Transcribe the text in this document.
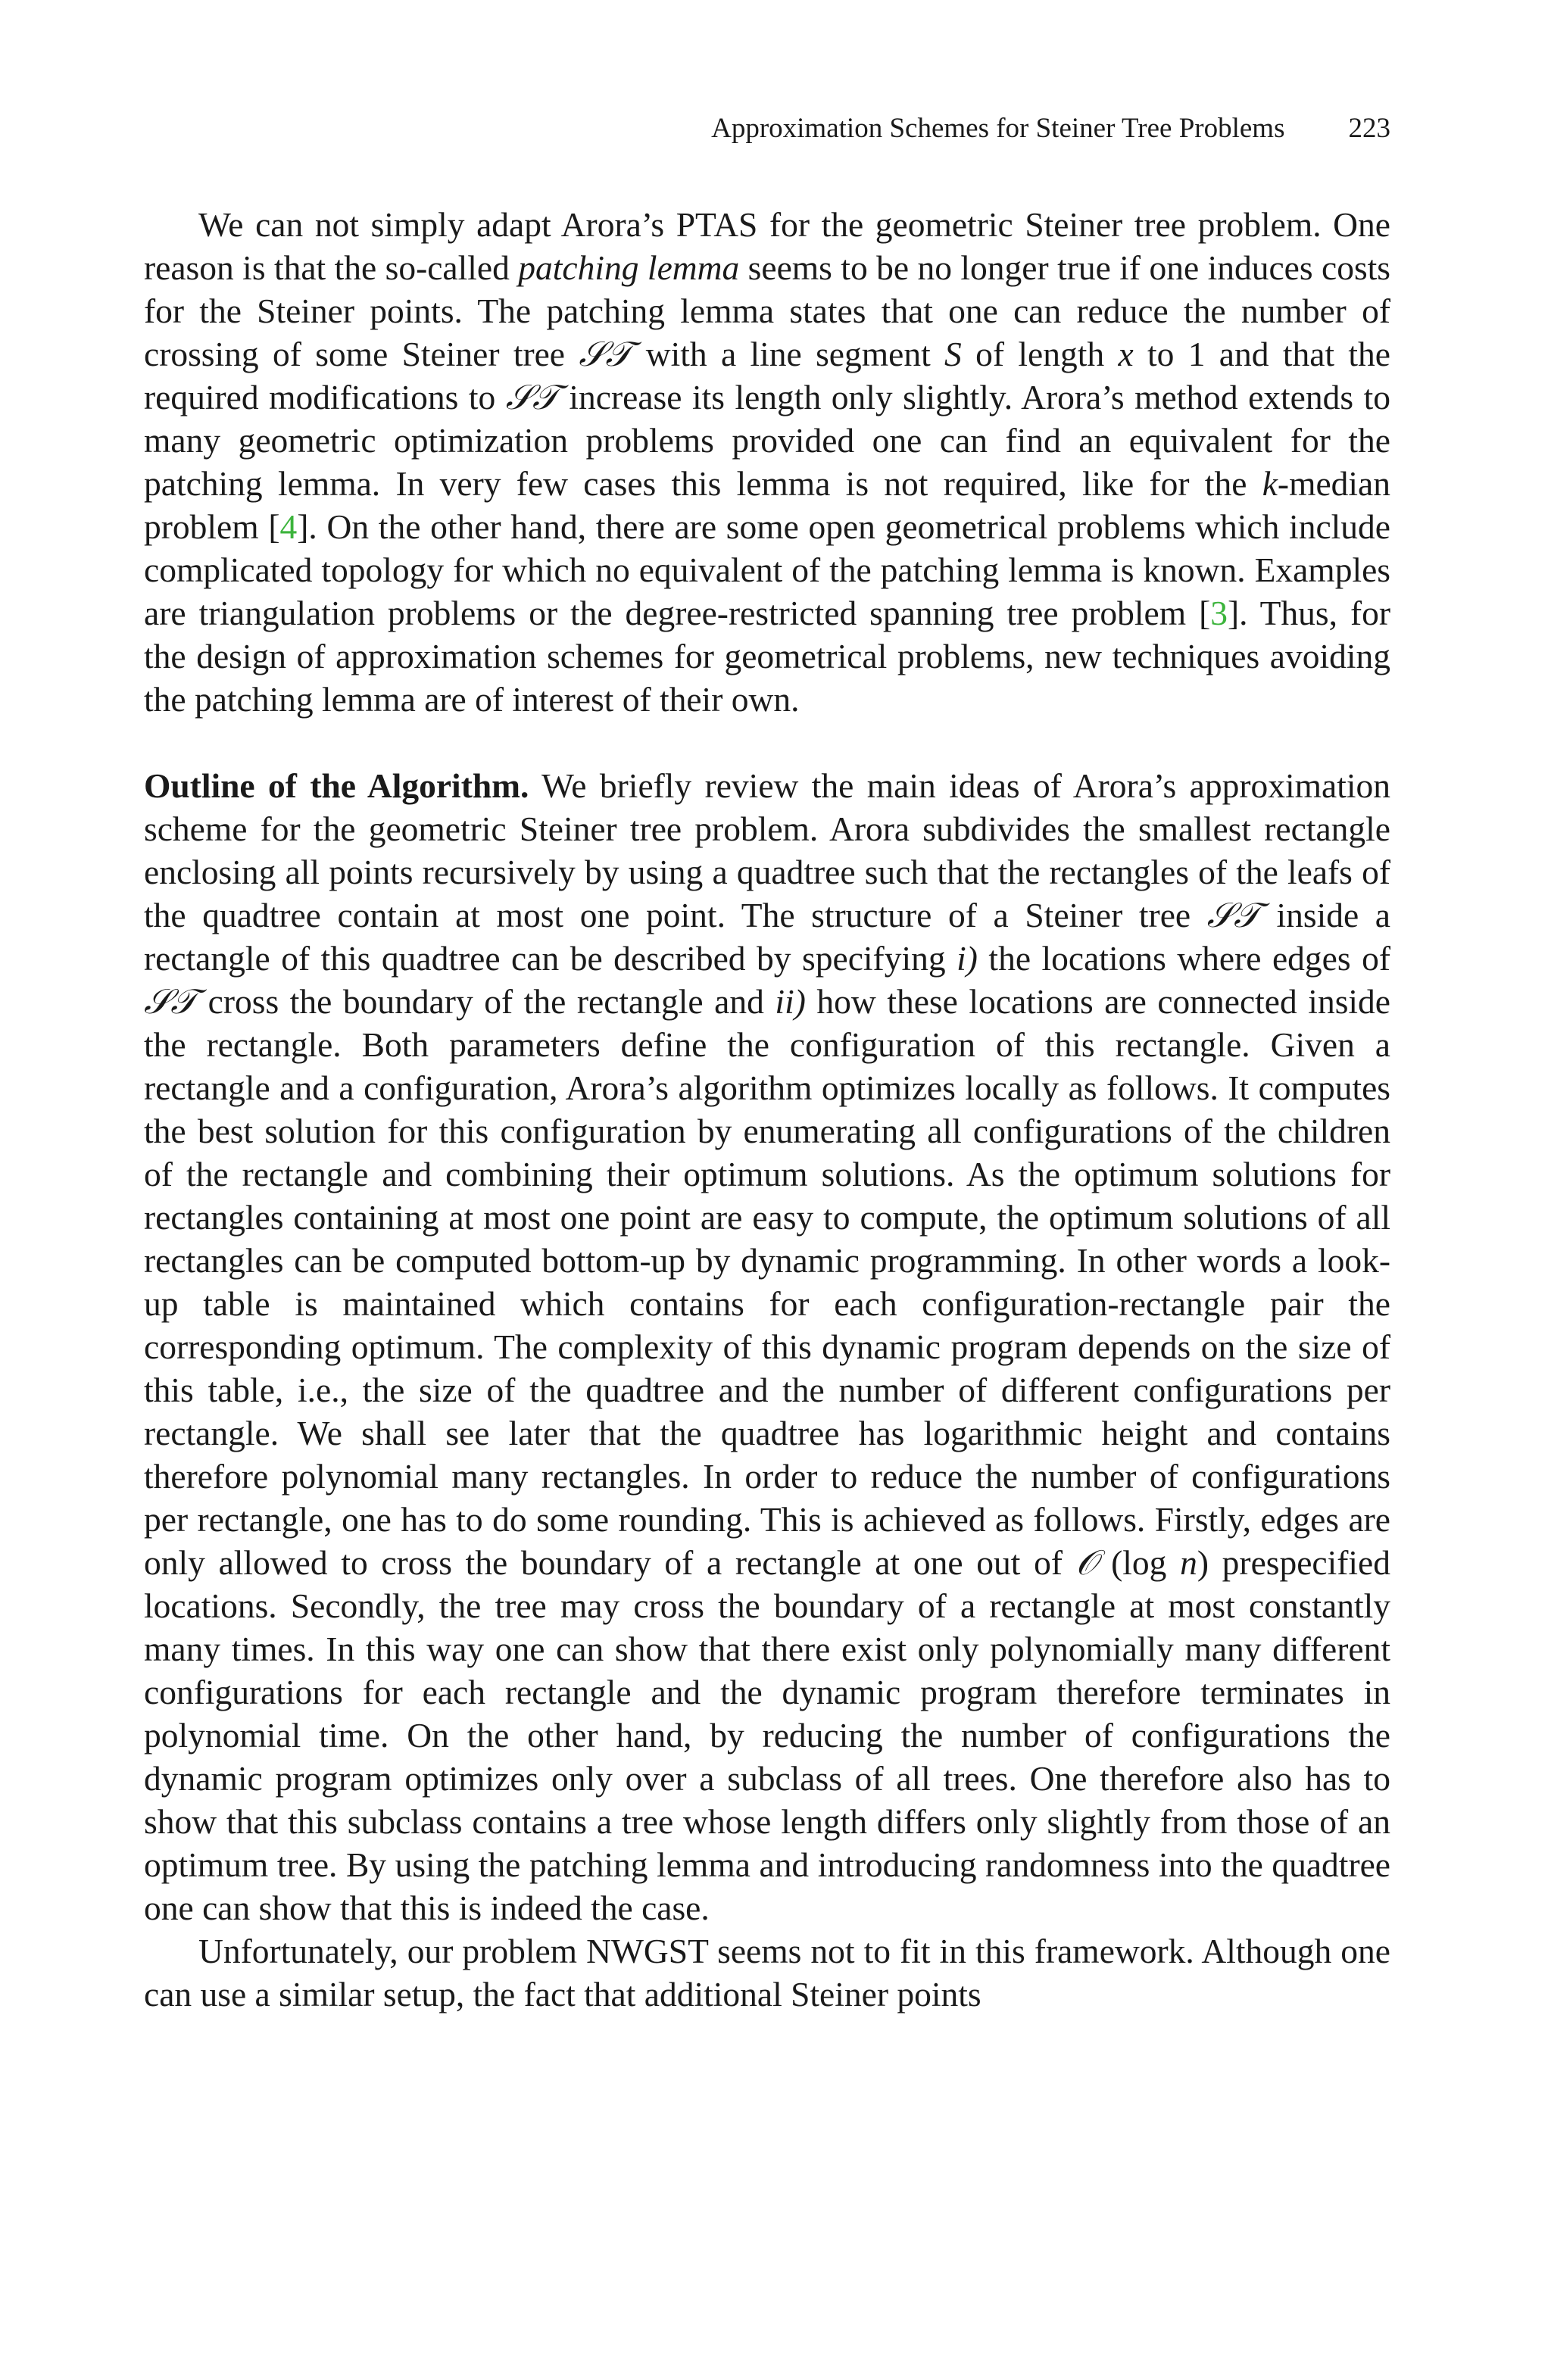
Approximation Schemes for Steiner Tree Problems 223

We can not simply adapt Arora’s PTAS for the geometric Steiner tree problem. One reason is that the so-called patching lemma seems to be no longer true if one induces costs for the Steiner points. The patching lemma states that one can reduce the number of crossing of some Steiner tree 𝒮𝒯 with a line segment S of length x to 1 and that the required modifications to 𝒮𝒯 increase its length only slightly. Arora’s method extends to many geometric optimization problems provided one can find an equivalent for the patching lemma. In very few cases this lemma is not required, like for the k-median problem [4]. On the other hand, there are some open geometrical problems which include complicated topology for which no equivalent of the patching lemma is known. Examples are triangulation problems or the degree-restricted spanning tree problem [3]. Thus, for the design of approximation schemes for geometrical problems, new techniques avoiding the patching lemma are of interest of their own.

Outline of the Algorithm. We briefly review the main ideas of Arora’s approximation scheme for the geometric Steiner tree problem. Arora subdivides the smallest rectangle enclosing all points recursively by using a quadtree such that the rectangles of the leafs of the quadtree contain at most one point. The structure of a Steiner tree 𝒮𝒯 inside a rectangle of this quadtree can be described by specifying i) the locations where edges of 𝒮𝒯 cross the boundary of the rectangle and ii) how these locations are connected inside the rectangle. Both parameters define the configuration of this rectangle. Given a rectangle and a configuration, Arora’s algorithm optimizes locally as follows. It computes the best solution for this configuration by enumerating all configurations of the children of the rectangle and combining their optimum solutions. As the optimum solutions for rectangles containing at most one point are easy to compute, the optimum solutions of all rectangles can be computed bottom-up by dynamic programming. In other words a look-up table is maintained which contains for each configuration-rectangle pair the corresponding optimum. The complexity of this dynamic program depends on the size of this table, i.e., the size of the quadtree and the number of different configurations per rectangle. We shall see later that the quadtree has logarithmic height and contains therefore polynomial many rectangles. In order to reduce the number of configurations per rectangle, one has to do some rounding. This is achieved as follows. Firstly, edges are only allowed to cross the boundary of a rectangle at one out of 𝒪 (log n) prespecified locations. Secondly, the tree may cross the boundary of a rectangle at most constantly many times. In this way one can show that there exist only polynomially many different configurations for each rectangle and the dynamic program therefore terminates in polynomial time. On the other hand, by reducing the number of configurations the dynamic program optimizes only over a subclass of all trees. One therefore also has to show that this subclass contains a tree whose length differs only slightly from those of an optimum tree. By using the patching lemma and introducing randomness into the quadtree one can show that this is indeed the case.

Unfortunately, our problem NWGST seems not to fit in this framework. Although one can use a similar setup, the fact that additional Steiner points
